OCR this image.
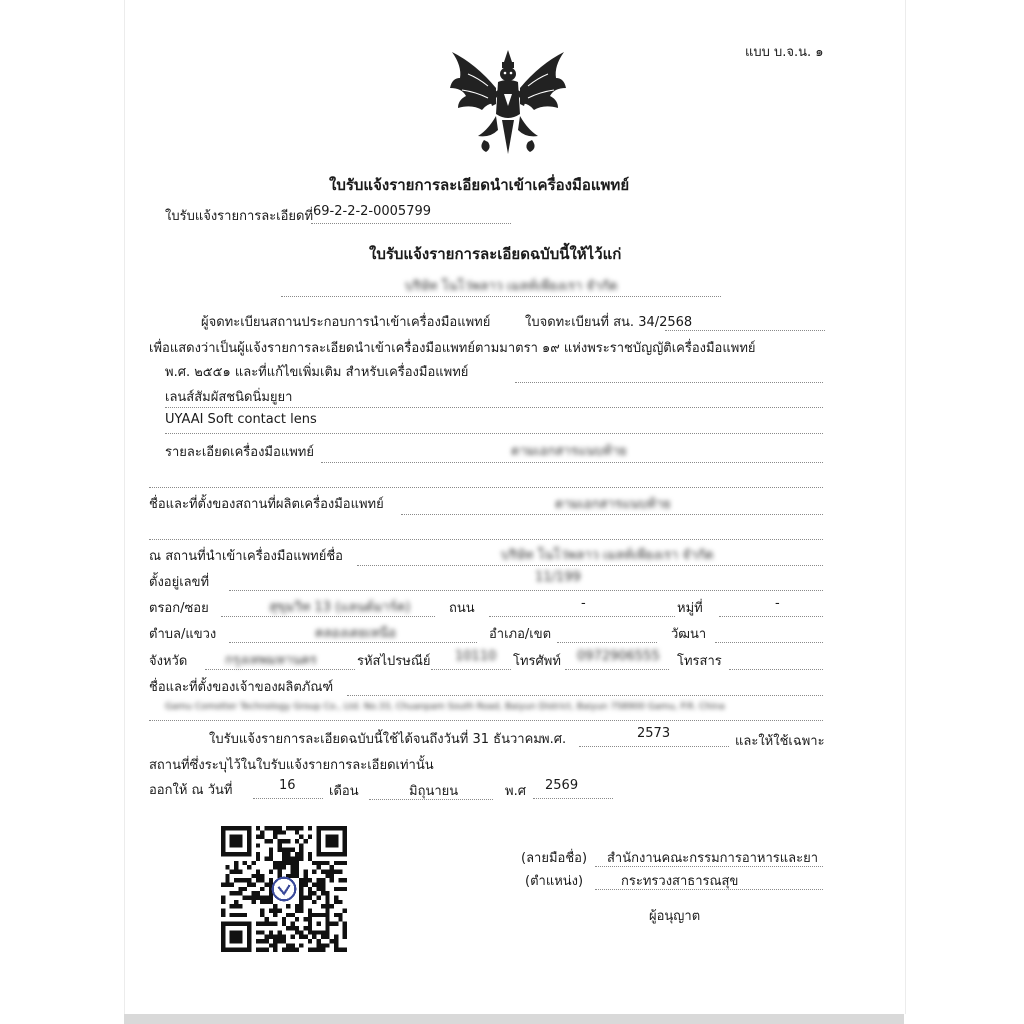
แบบ บ.จ.น. ๑
ใบรับแจ้งรายการละเอียดนำเข้าเครื่องมือแพทย์
ใบรับแจ้งรายการละเอียดที่ 69-2-2-2-0005799
ใบรับแจ้งรายการละเอียดฉบับนี้ให้ไว้แก่
บริษัท โนโว่พลาว เมลท์เพียงเรา จำกัด
ผู้จดทะเบียนสถานประกอบการนำเข้าเครื่องมือแพทย์	ใบจดทะเบียนที่ สน. 34/2568
เพื่อแสดงว่าเป็นผู้แจ้งรายการละเอียดนำเข้าเครื่องมือแพทย์ตามมาตรา ๑๙ แห่งพระราชบัญญัติเครื่องมือแพทย์
พ.ศ. ๒๕๕๑ และที่แก้ไขเพิ่มเติม สำหรับเครื่องมือแพทย์
เลนส์สัมผัสชนิดนิ่มยูยา
UYAAI Soft contact lens
รายละเอียดเครื่องมือแพทย์	ตามเอกสารแนบท้าย
ชื่อและที่ตั้งของสถานที่ผลิตเครื่องมือแพทย์	ตามเอกสารแนบท้าย
ณ สถานที่นำเข้าเครื่องมือแพทย์ชื่อ	บริษัท โนโว่พลาว เมลท์เพียงเรา จำกัด
ตั้งอยู่เลขที่	11/199
ตรอก/ซอย	สุขุมวิท 13 (แลนด์มาร์ค)	ถนน	-	หมู่ที่	-
ตำบล/แขวง	คลองเตยเหนือ	อำเภอ/เขต	วัฒนา
จังหวัด	กรุงเทพมหานคร	รหัสไปรษณีย์ 10110 โทรศัพท์ 0972906555 โทรสาร
ชื่อและที่ตั้งของเจ้าของผลิตภัณฑ์
Gamu Comotter Technology Group Co., Ltd. No.33, Chuanpam South Road, Baiyun District, Baiyun 758900 Gamu, P.R. China
ใบรับแจ้งรายการละเอียดฉบับนี้ใช้ได้จนถึงวันที่ 31 ธันวาคม พ.ศ.	2573
และให้ใช้เฉพาะ
สถานที่ซึ่งระบุไว้ในใบรับแจ้งรายการละเอียดเท่านั้น
ออกให้ ณ วันที่	16	เดือน	มิถุนายน	พ.ศ 2569
(ลายมือชื่อ) สำนักงานคณะกรรมการอาหารและยา
(ตำแหน่ง)	กระทรวงสาธารณสุข
ผู้อนุญาต
